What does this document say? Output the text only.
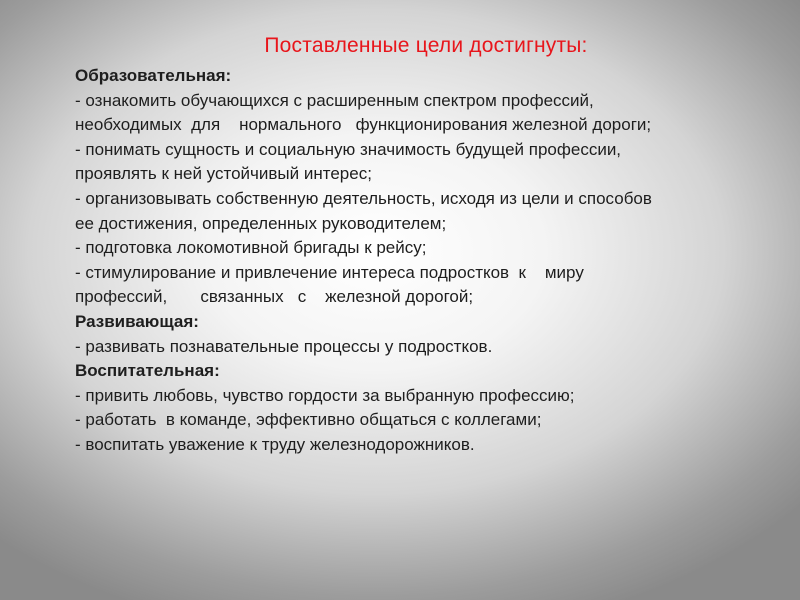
Поставленные цели достигнуты:

Образовательная:

- ознакомить обучающихся с расширенным спектром профессий,

необходимых  для    нормального   функционирования железной дороги;

- понимать сущность и социальную значимость будущей профессии,

проявлять к ней устойчивый интерес;

- организовывать собственную деятельность, исходя из цели и способов

ее достижения, определенных руководителем;

- подготовка локомотивной бригады к рейсу;

- стимулирование и привлечение интереса подростков  к    миру

профессий,       связанных   с    железной дорогой;

Развивающая:

- развивать познавательные процессы у подростков.

Воспитательная:

- привить любовь, чувство гордости за выбранную профессию;

- работать  в команде, эффективно общаться с коллегами;

- воспитать уважение к труду железнодорожников.
